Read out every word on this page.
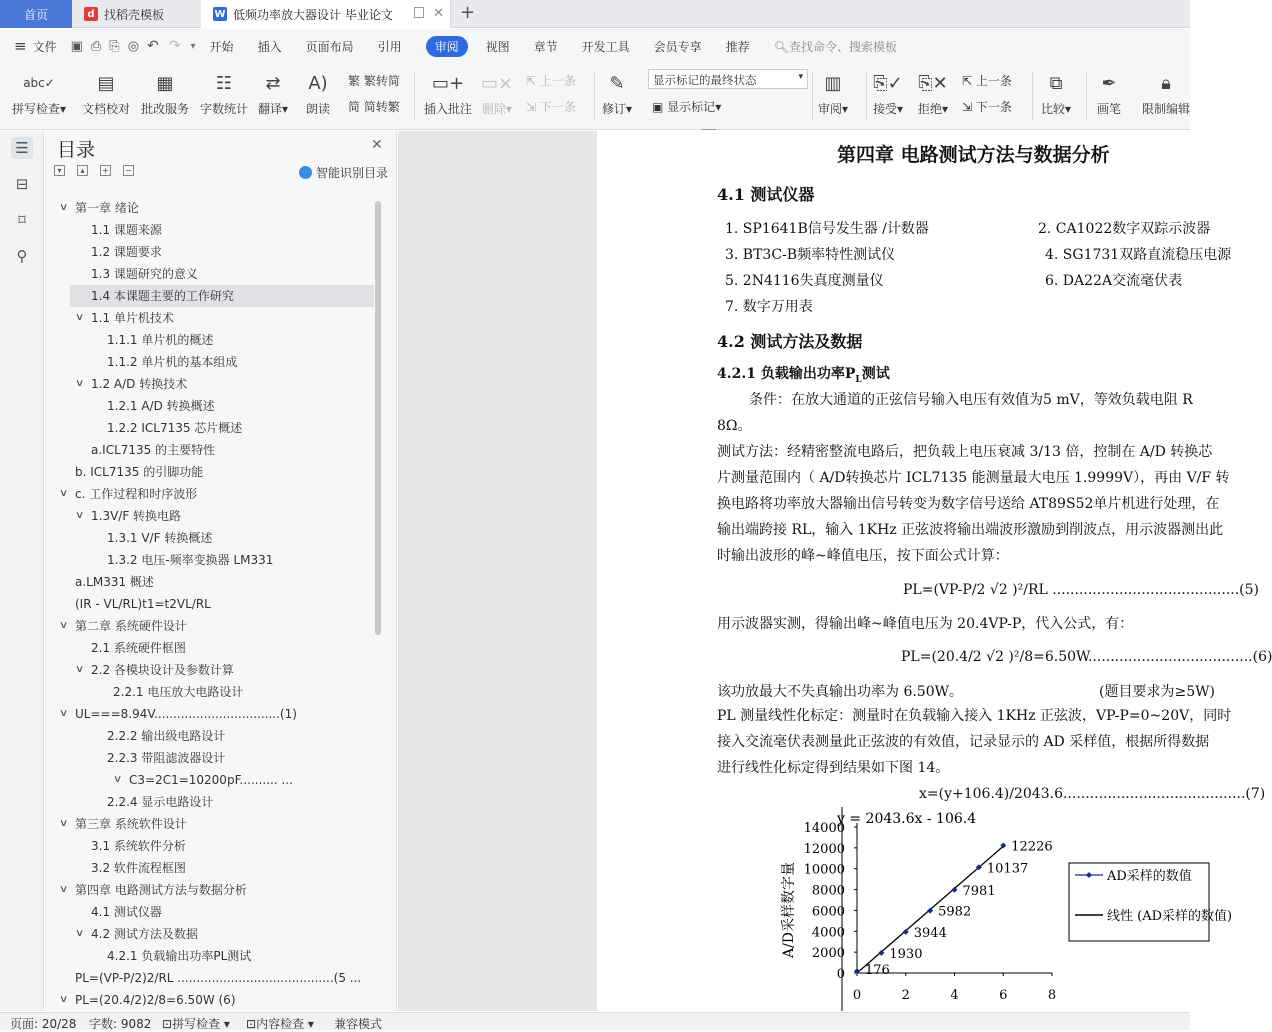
首页	d 找稻壳模板	W 低频功率放大器设计 毕业论文	✕ +
≡ 文件 ▣ ⎙ ⎘ ◎ ↶ ↷ ▾ 开始 插入 页面布局 引用	审阅	视图 章节 开发工具 会员专享 推荐 🔍︎查找命令、搜索模板
abc✓
拼写检查▾
▤
文档校对
▦
批改服务
☷
字数统计
⇄
翻译▾
A)
朗读
繁 繁转简
简 简转繁
▭+
插入批注
▭×
删除▾
⇱ 上一条
⇲ 下一条
✎
修订▾
显示标记的最终状态	▾
▣ 显示标记▾
▥
审阅▾
⎘✓
接受▾
⎘✕
拒绝▾
⇱ 上一条
⇲ 下一条
⧉
比较▾
✒
画笔
🔒︎
限制编辑
☰
⊟
⌑
⚲
目录	✕
▾	▴	+ −	智能识别目录
∨ 第一章 绪论
1.1 课题来源
1.2 课题要求
1.3 课题研究的意义
1.4 本课题主要的工作研究
∨ 1.1 单片机技术
1.1.1 单片机的概述
1.1.2 单片机的基本组成
∨ 1.2 A/D 转换技术
1.2.1 A/D 转换概述
1.2.2 ICL7135 芯片概述
a.ICL7135 的主要特性
b. ICL7135 的引脚功能
∨ c. 工作过程和时序波形
∨ 1.3V/F 转换电路
1.3.1 V/F 转换概述
1.3.2 电压-频率变换器 LM331
a.LM331 概述
(IR - VL/RL)t1=t2VL/RL
∨ 第二章 系统硬件设计
2.1 系统硬件框图
∨ 2.2 各模块设计及参数计算
2.2.1 电压放大电路设计
∨ UL===8.94V.................................(1)
2.2.2 输出级电路设计
2.2.3 带阻滤波器设计
∨ C3=2C1=10200pF.......... ...
2.2.4 显示电路设计
∨ 第三章 系统软件设计
3.1 系统软件分析
3.2 软件流程框图
∨ 第四章 电路测试方法与数据分析
4.1 测试仪器
∨ 4.2 测试方法及数据
4.2.1 负载输出功率PL测试
PL=(VP-P/2)2/RL .........................................(5 ...
∨ PL=(20.4/2)2/8=6.50W (6)
第四章 电路测试方法与数据分析
4.1 测试仪器
1. SP1641B信号发生器 /计数器	2. CA1022数字双踪示波器
3. BT3C-B频率特性测试仪	4. SG1731双路直流稳压电源
5. 2N4116失真度测量仪	6. DA22A交流毫伏表
7. 数字万用表
4.2 测试方法及数据
4.2.1 负载输出功率$P_L$测试
条件：在放大通道的正弦信号输入电压有效值为5 mV，等效负载电阻 R
8Ω。
测试方法：经精密整流电路后，把负载上电压衰减 3/13 倍，控制在 A/D 转换芯
片测量范围内（ A/D转换芯片 ICL7135 能测量最大电压 1.9999V），再由 V/F 转
换电路将功率放大器输出信号转变为数字信号送给 AT89S52单片机进行处理，在
输出端跨接 RL，输入 1KHz 正弦波将输出端波形激励到削波点，用示波器测出此
时输出波形的峰~峰值电压，按下面公式计算：
PL=(VP-P/2 √2 )²/RL ..........................................(5)
用示波器实测，得输出峰~峰值电压为 20.4VP-P，代入公式，有：
PL=(20.4/2 √2 )²/8=6.50W.....................................(6)
该功放最大不失真输出功率为 6.50W。	(题目要求为≥5W)
PL 测量线性化标定：测量时在负载输入接入 1KHz 正弦波，VP-P=0~20V，同时
接入交流毫伏表测量此正弦波的有效值，记录显示的 AD 采样值，根据所得数据
进行线性化标定得到结果如下图 14。
x=(y+106.4)/2043.6.........................................(7)
0
2000
4000
6000
8000
10000
12000
14000
0	2	4	6	8
A/D采样数字量
y = 2043.6x - 106.4
176
1930
3944
5982
7981
10137
12226
AD采样的数值
线性 (AD采样的数值)
页面: 20/28 字数: 9082 ⊡拼写检查 ▾ ⊡内容检查 ▾ 兼容模式
